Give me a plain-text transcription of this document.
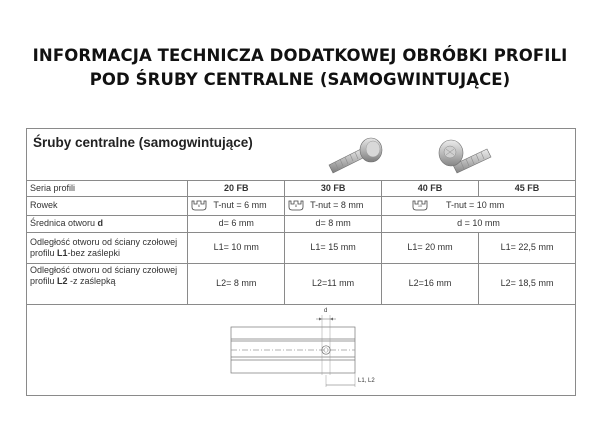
INFORMACJA TECHNICZA DODATKOWEJ OBRÓBKI PROFILI
POD ŚRUBY CENTRALNE (SAMOGWINTUJĄCE)
Śruby centralne (samogwintujące)
Seria profili	20 FB	30 FB	40 FB	45 FB
Rowek	6 T-nut = 6 mm	8 T-nut = 8 mm	10 T-nut = 10 mm	
Średnica otworu d	d= 6 mm	d= 8 mm	d = 10 mm	

Odległość otworu od ściany czołowej
profilu L1-bez zaślepki	L1= 10 mm	L1= 15 mm	L1= 20 mm	L1= 22,5 mm

Odległość otworu od ściany czołowej
profilu L2 -z zaślepką	L2= 8 mm	L2=11 mm	L2=16 mm	L2= 18,5 mm
d
L1, L2
